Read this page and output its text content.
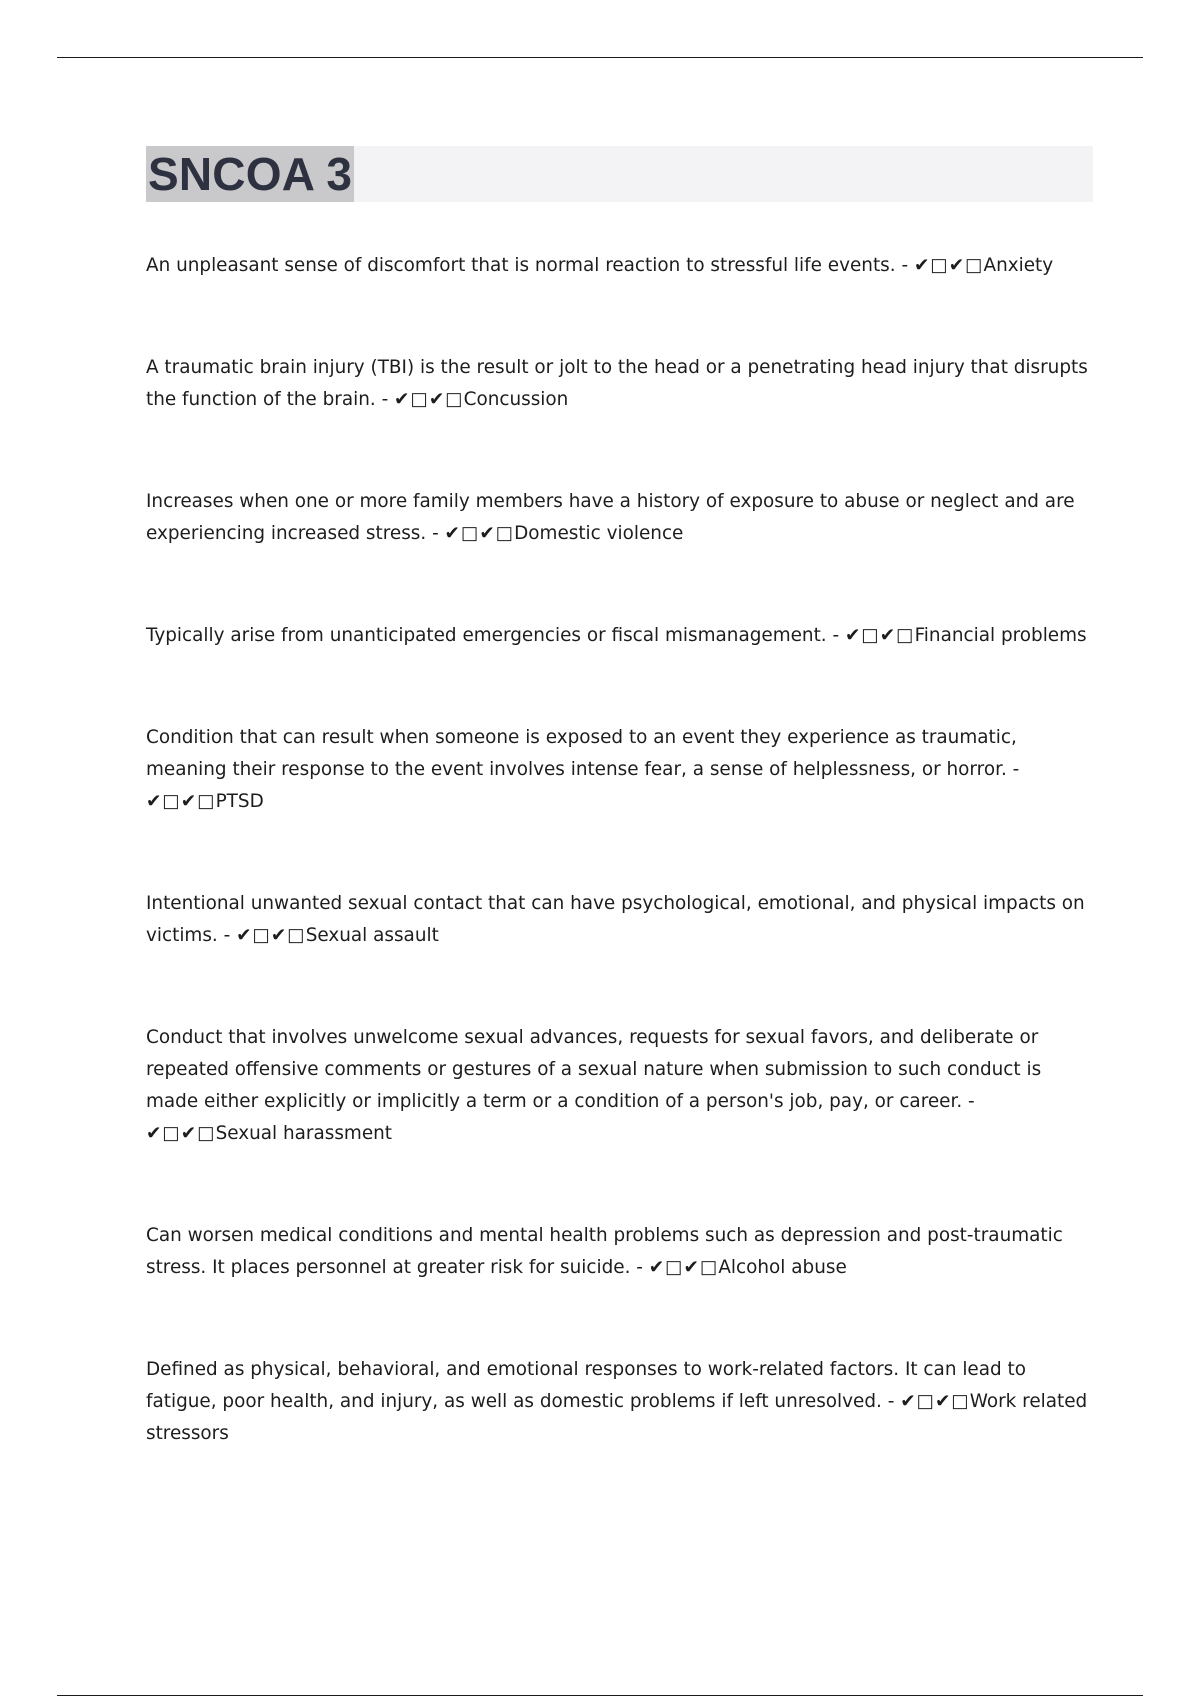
SNCOA 3

An unpleasant sense of discomfort that is normal reaction to stressful life events. - ✔□✔□Anxiety

A traumatic brain injury (TBI) is the result or jolt to the head or a penetrating head injury that disrupts the function of the brain. - ✔□✔□Concussion

Increases when one or more family members have a history of exposure to abuse or neglect and are experiencing increased stress. - ✔□✔□Domestic violence

Typically arise from unanticipated emergencies or fiscal mismanagement. - ✔□✔□Financial problems

Condition that can result when someone is exposed to an event they experience as traumatic, meaning their response to the event involves intense fear, a sense of helplessness, or horror. - ✔□✔□PTSD

Intentional unwanted sexual contact that can have psychological, emotional, and physical impacts on victims. - ✔□✔□Sexual assault

Conduct that involves unwelcome sexual advances, requests for sexual favors, and deliberate or repeated offensive comments or gestures of a sexual nature when submission to such conduct is made either explicitly or implicitly a term or a condition of a person's job, pay, or career. - ✔□✔□Sexual harassment

Can worsen medical conditions and mental health problems such as depression and post-traumatic stress. It places personnel at greater risk for suicide. - ✔□✔□Alcohol abuse

Defined as physical, behavioral, and emotional responses to work-related factors. It can lead to fatigue, poor health, and injury, as well as domestic problems if left unresolved. - ✔□✔□Work related stressors
